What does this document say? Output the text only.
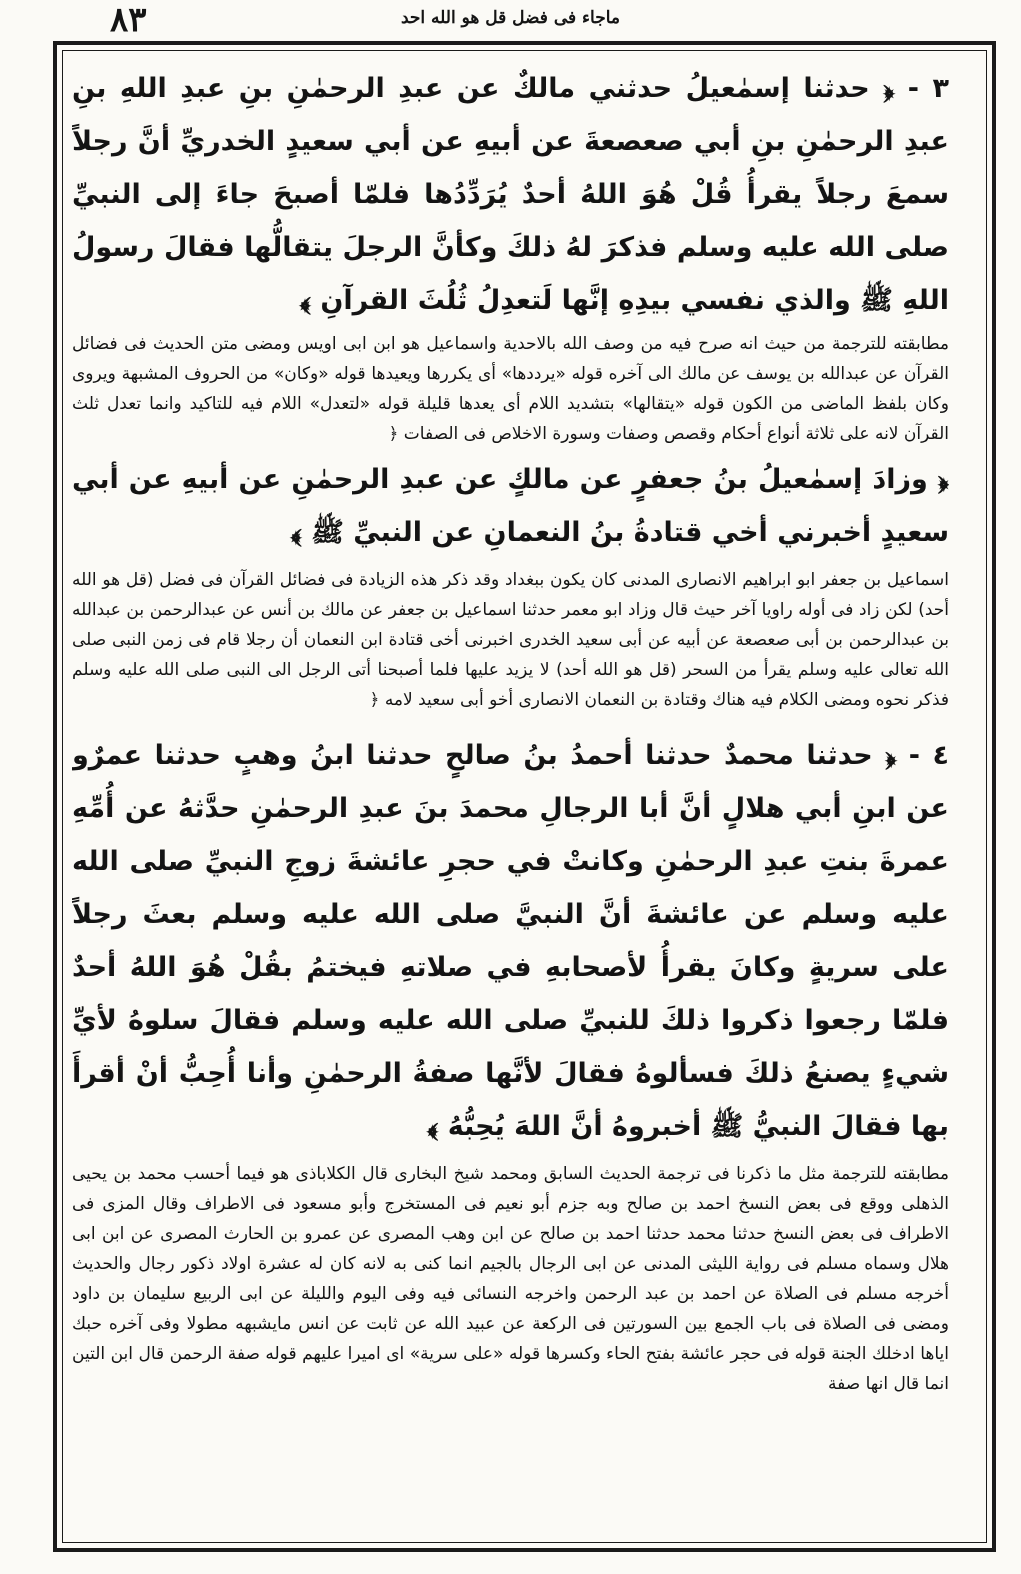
٨٣	ماجاء فى فضل قل هو الله احد

٣ - ﴿ حدثنا إسمٰعيلُ حدثني مالكٌ عن عبدِ الرحمٰنِ بنِ عبدِ اللهِ بنِ عبدِ الرحمٰنِ بنِ أبي صعصعةَ عن أبيهِ عن أبي سعيدٍ الخدريِّ أنَّ رجلاً سمعَ رجلاً يقرأُ قُلْ هُوَ اللهُ أحدٌ يُرَدِّدُها فلمّا أصبحَ جاءَ إلى النبيِّ صلى الله عليه وسلم فذكرَ لهُ ذلكَ وكأنَّ الرجلَ يتقالُّها فقالَ رسولُ اللهِ ﷺ والذي نفسي بيدِهِ إنَّها لَتعدِلُ ثُلُثَ القرآنِ ﴾

مطابقته للترجمة من حيث انه صرح فيه من وصف الله بالاحدية واسماعيل هو ابن ابى اويس ومضى متن الحديث فى فضائل القرآن عن عبدالله بن يوسف عن مالك الى آخره قوله «يرددها» أى يكررها ويعيدها قوله «وكان» من الحروف المشبهة ويروى وكان بلفظ الماضى من الكون قوله «يتقالها» بتشديد اللام أى يعدها قليلة قوله «لتعدل» اللام فيه للتاكيد وانما تعدل ثلث القرآن لانه على ثلاثة أنواع أحكام وقصص وصفات وسورة الاخلاص فى الصفات ﴿

﴿ وزادَ إسمٰعيلُ بنُ جعفرٍ عن مالكٍ عن عبدِ الرحمٰنِ عن أبيهِ عن أبي سعيدٍ أخبرني أخي قتادةُ بنُ النعمانِ عن النبيِّ ﷺ ﴾

اسماعيل بن جعفر ابو ابراهيم الانصارى المدنى كان يكون ببغداد وقد ذكر هذه الزيادة فى فضائل القرآن فى فضل (قل هو الله أحد) لكن زاد فى أوله راويا آخر حيث قال وزاد ابو معمر حدثنا اسماعيل بن جعفر عن مالك بن أنس عن عبدالرحمن بن عبدالله بن عبدالرحمن بن أبى صعصعة عن أبيه عن أبى سعيد الخدرى اخبرنى أخى قتادة ابن النعمان أن رجلا قام فى زمن النبى صلى الله تعالى عليه وسلم يقرأ من السحر (قل هو الله أحد) لا يزيد عليها فلما أصبحنا أتى الرجل الى النبى صلى الله عليه وسلم فذكر نحوه ومضى الكلام فيه هناك وقتادة بن النعمان الانصارى أخو أبى سعيد لامه ﴿

٤ - ﴿ حدثنا محمدٌ حدثنا أحمدُ بنُ صالحٍ حدثنا ابنُ وهبٍ حدثنا عمرٌو عن ابنِ أبي هلالٍ أنَّ أبا الرجالِ محمدَ بنَ عبدِ الرحمٰنِ حدَّثهُ عن أُمِّهِ عمرةَ بنتِ عبدِ الرحمٰنِ وكانتْ في حجرِ عائشةَ زوجِ النبيِّ صلى الله عليه وسلم عن عائشةَ أنَّ النبيَّ صلى الله عليه وسلم بعثَ رجلاً على سريةٍ وكانَ يقرأُ لأصحابهِ في صلاتهِ فيختمُ بقُلْ هُوَ اللهُ أحدٌ فلمّا رجعوا ذكروا ذلكَ للنبيِّ صلى الله عليه وسلم فقالَ سلوهُ لأيِّ شيءٍ يصنعُ ذلكَ فسألوهُ فقالَ لأنَّها صفةُ الرحمٰنِ وأنا أُحِبُّ أنْ أقرأَ بها فقالَ النبيُّ ﷺ أخبروهُ أنَّ اللهَ يُحِبُّهُ ﴾

مطابقته للترجمة مثل ما ذكرنا فى ترجمة الحديث السابق ومحمد شيخ البخارى قال الكلاباذى هو فيما أحسب محمد بن يحيى الذهلى ووقع فى بعض النسخ احمد بن صالح وبه جزم أبو نعيم فى المستخرج وأبو مسعود فى الاطراف وقال المزى فى الاطراف فى بعض النسخ حدثنا محمد حدثنا احمد بن صالح عن ابن وهب المصرى عن عمرو بن الحارث المصرى عن ابن ابى هلال وسماه مسلم فى رواية الليثى المدنى عن ابى الرجال بالجيم انما كنى به لانه كان له عشرة اولاد ذكور رجال والحديث أخرجه مسلم فى الصلاة عن احمد بن عبد الرحمن واخرجه النسائى فيه وفى اليوم والليلة عن ابى الربيع سليمان بن داود ومضى فى الصلاة فى باب الجمع بين السورتين فى الركعة عن عبيد الله عن ثابت عن انس مايشبهه مطولا وفى آخره حبك اياها ادخلك الجنة قوله فى حجر عائشة بفتح الحاء وكسرها قوله «على سرية» اى اميرا عليهم قوله صفة الرحمن قال ابن التين انما قال انها صفة
